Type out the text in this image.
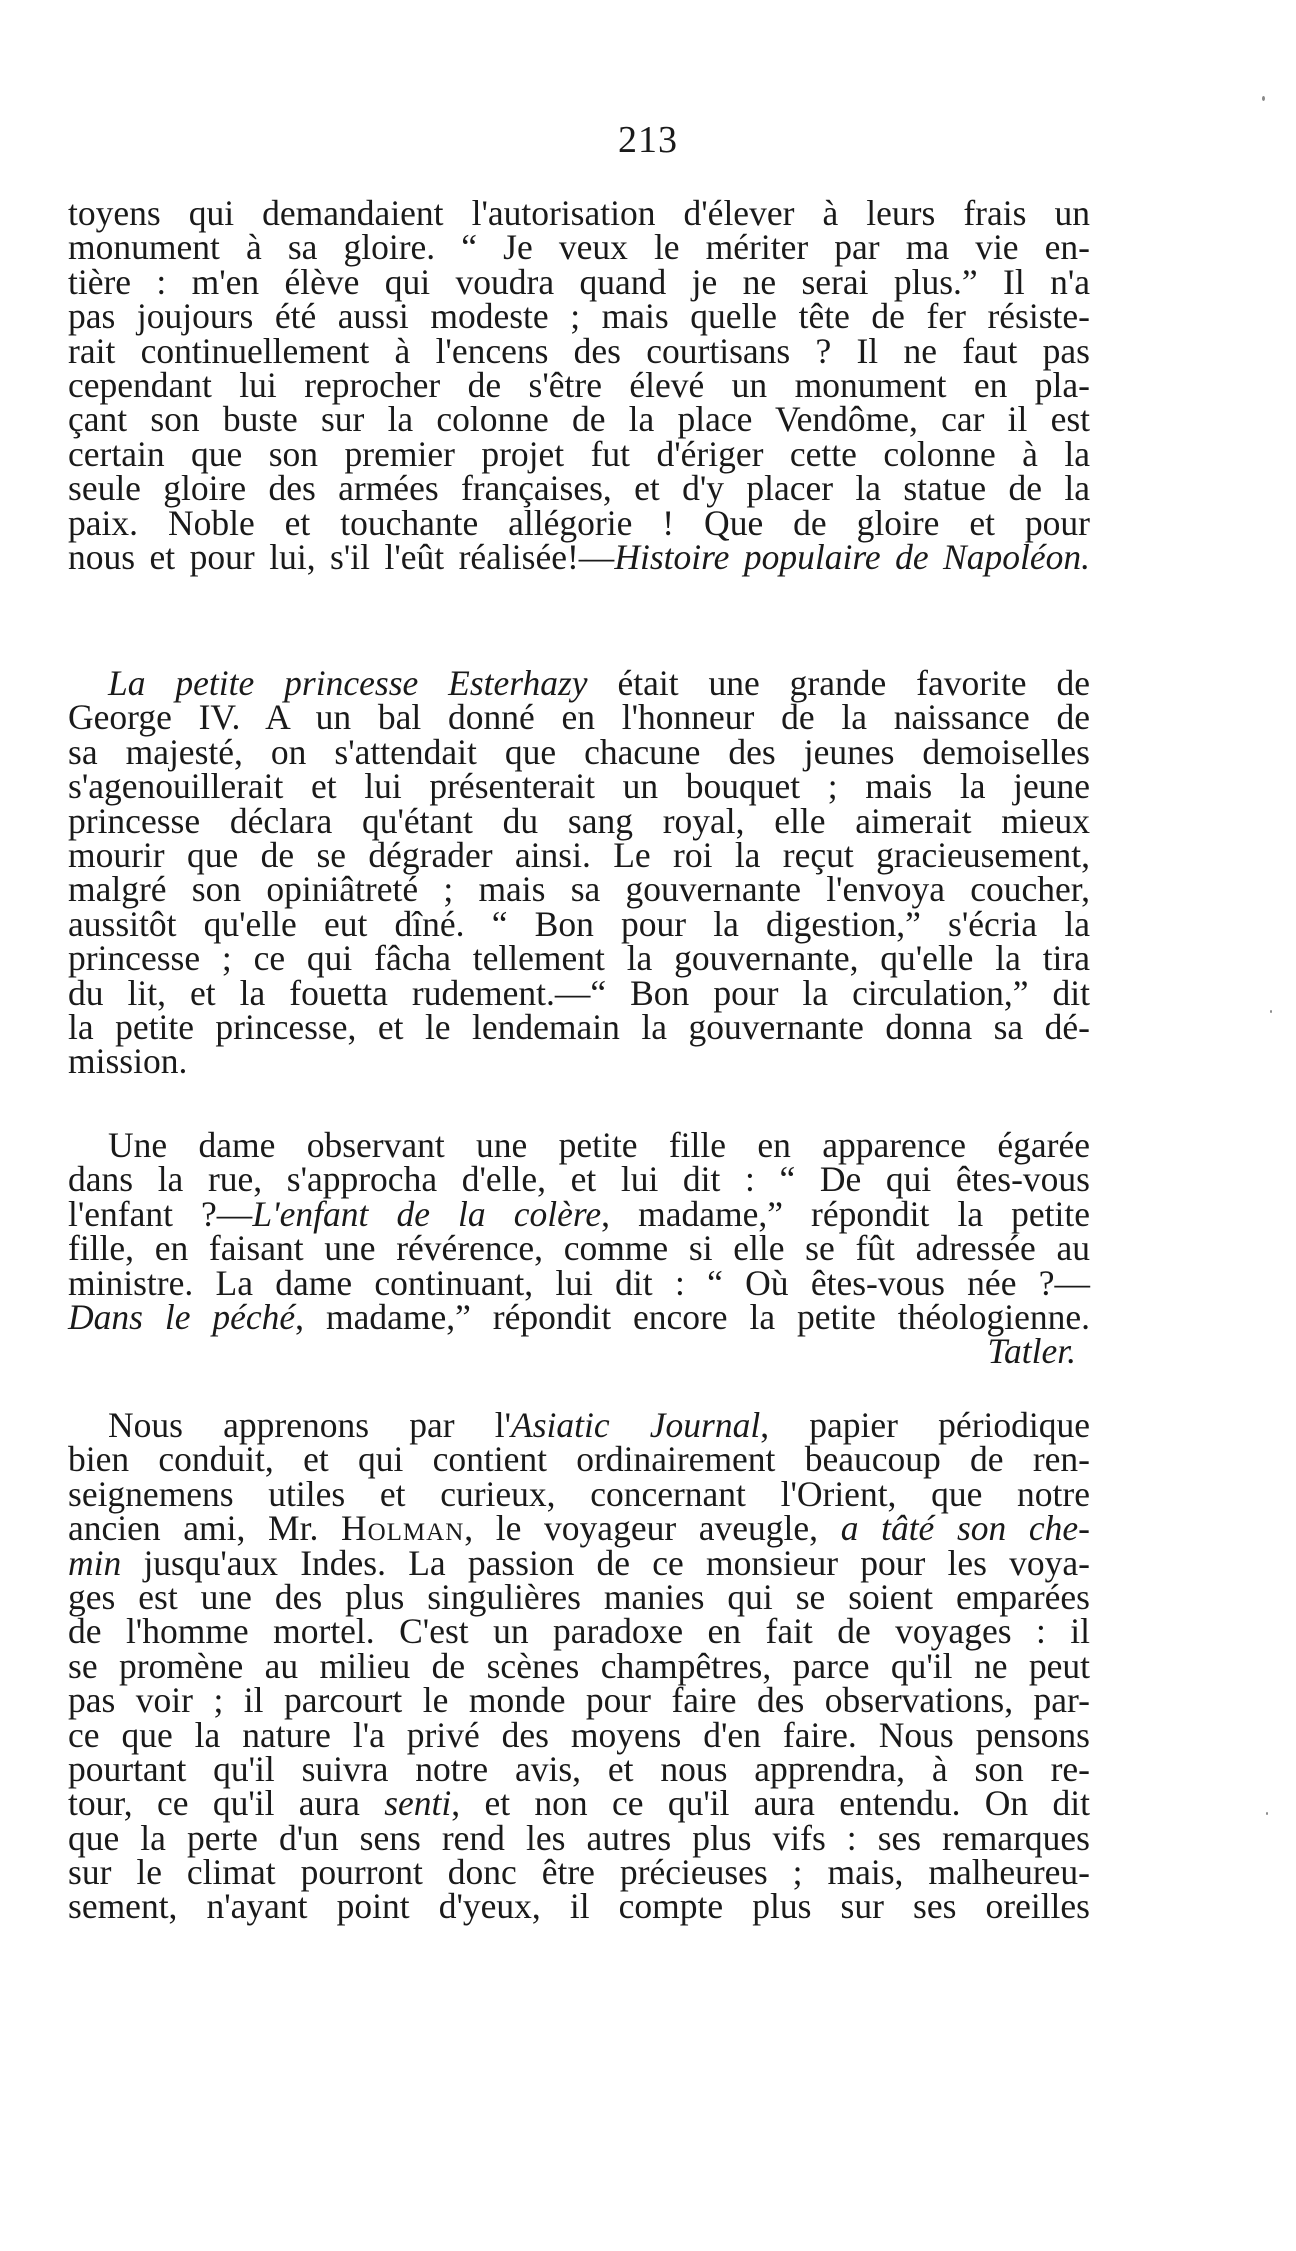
213
toyens qui demandaient l'autorisation d'élever à leurs frais un
monument à sa gloire. “ Je veux le mériter par ma vie en-
tière : m'en élève qui voudra quand je ne serai plus.” Il n'a
pas joujours été aussi modeste ; mais quelle tête de fer résiste-
rait continuellement à l'encens des courtisans ? Il ne faut pas
cependant lui reprocher de s'être élevé un monument en pla-
çant son buste sur la colonne de la place Vendôme, car il est
certain que son premier projet fut d'ériger cette colonne à la
seule gloire des armées françaises, et d'y placer la statue de la
paix. Noble et touchante allégorie ! Que de gloire et pour
nous et pour lui, s'il l'eût réalisée!—Histoire populaire de Napoléon.
La petite princesse Esterhazy était une grande favorite de
George IV. A un bal donné en l'honneur de la naissance de
sa majesté, on s'attendait que chacune des jeunes demoiselles
s'agenouillerait et lui présenterait un bouquet ; mais la jeune
princesse déclara qu'étant du sang royal, elle aimerait mieux
mourir que de se dégrader ainsi. Le roi la reçut gracieusement,
malgré son opiniâtreté ; mais sa gouvernante l'envoya coucher,
aussitôt qu'elle eut dîné. “ Bon pour la digestion,” s'écria la
princesse ; ce qui fâcha tellement la gouvernante, qu'elle la tira
du lit, et la fouetta rudement.—“ Bon pour la circulation,” dit
la petite princesse, et le lendemain la gouvernante donna sa dé-
mission.
Une dame observant une petite fille en apparence égarée
dans la rue, s'approcha d'elle, et lui dit : “ De qui êtes-vous
l'enfant ?—L'enfant de la colère, madame,” répondit la petite
fille, en faisant une révérence, comme si elle se fût adressée au
ministre. La dame continuant, lui dit : “ Où êtes-vous née ?—
Dans le péché, madame,” répondit encore la petite théologienne.
Tatler.
Nous apprenons par l'Asiatic Journal, papier périodique
bien conduit, et qui contient ordinairement beaucoup de ren-
seignemens utiles et curieux, concernant l'Orient, que notre
ancien ami, Mr. Holman, le voyageur aveugle, a tâté son che-
min jusqu'aux Indes. La passion de ce monsieur pour les voya-
ges est une des plus singulières manies qui se soient emparées
de l'homme mortel. C'est un paradoxe en fait de voyages : il
se promène au milieu de scènes champêtres, parce qu'il ne peut
pas voir ; il parcourt le monde pour faire des observations, par-
ce que la nature l'a privé des moyens d'en faire. Nous pensons
pourtant qu'il suivra notre avis, et nous apprendra, à son re-
tour, ce qu'il aura senti, et non ce qu'il aura entendu. On dit
que la perte d'un sens rend les autres plus vifs : ses remarques
sur le climat pourront donc être précieuses ; mais, malheureu-
sement, n'ayant point d'yeux, il compte plus sur ses oreilles
